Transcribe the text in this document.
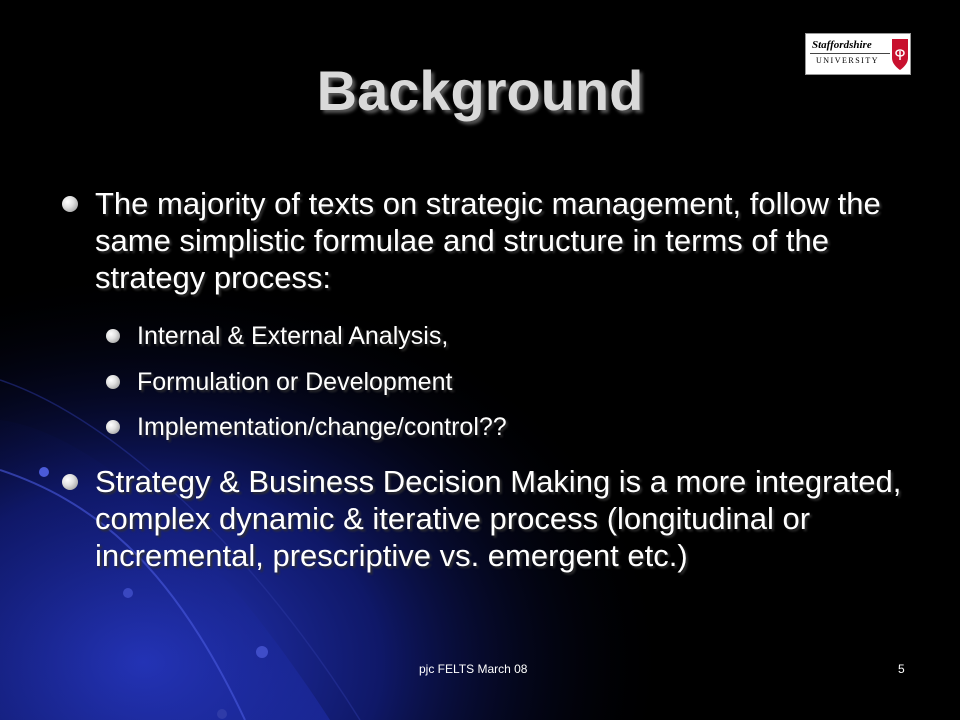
Staffordshire
UNIVERSITY
Background
The majority of texts on strategic management, follow the same simplistic formulae and structure in terms of the strategy process:
Internal & External Analysis,
Formulation or Development
Implementation/change/control??
Strategy & Business Decision Making is a more integrated, complex dynamic & iterative process (longitudinal or incremental, prescriptive vs. emergent etc.)
pjc FELTS March 08	5
